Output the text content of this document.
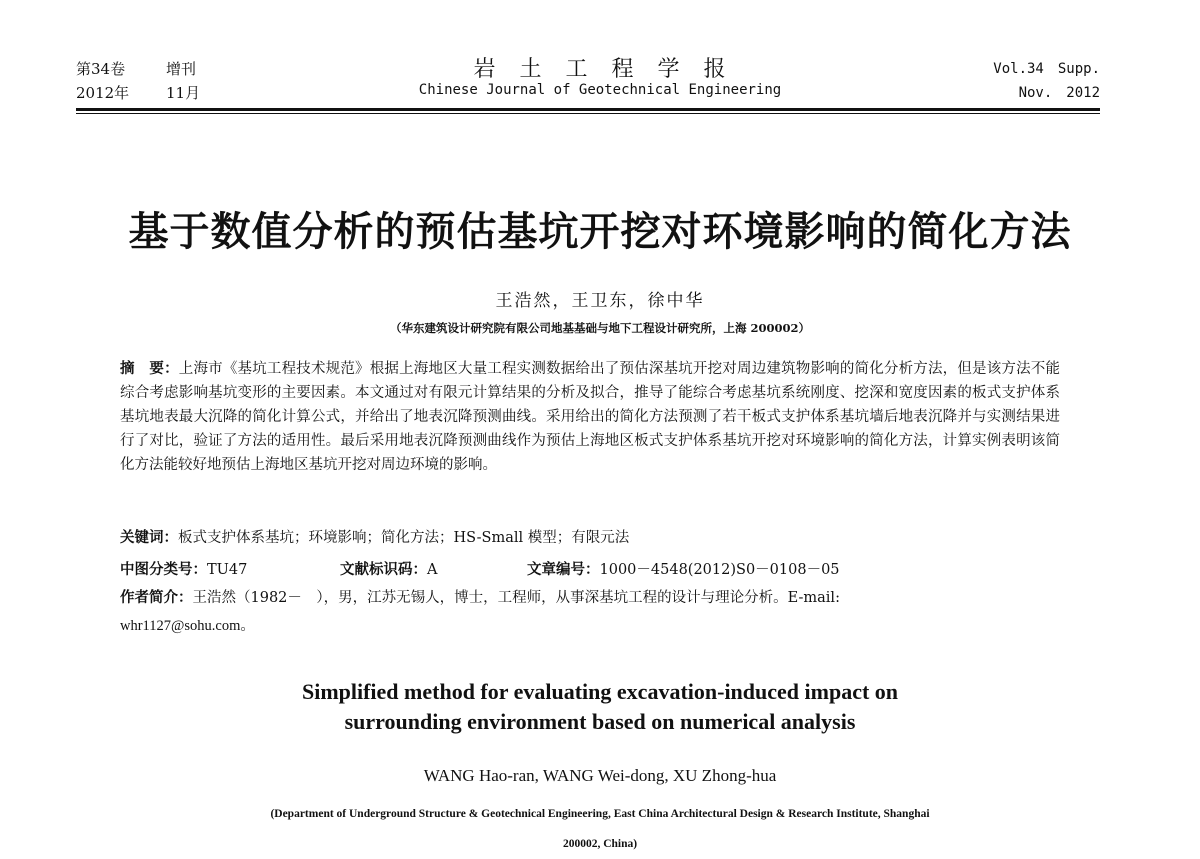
第34卷	增刊
2012年 11月
岩　土　工　程　学　报
Chinese Journal of Geotechnical Engineering
Vol.34　Supp.
Nov.　2012
基于数值分析的预估基坑开挖对环境影响的简化方法
王浩然，王卫东，徐中华
（华东建筑设计研究院有限公司地基基础与地下工程设计研究所，上海 200002）
摘　要：上海市《基坑工程技术规范》根据上海地区大量工程实测数据给出了预估深基坑开挖对周边建筑物影响的简化分析方法，但是该方法不能综合考虑影响基坑变形的主要因素。本文通过对有限元计算结果的分析及拟合，推导了能综合考虑基坑系统刚度、挖深和宽度因素的板式支护体系基坑地表最大沉降的简化计算公式，并给出了地表沉降预测曲线。采用给出的简化方法预测了若干板式支护体系基坑墙后地表沉降并与实测结果进行了对比，验证了方法的适用性。最后采用地表沉降预测曲线作为预估上海地区板式支护体系基坑开挖对环境影响的简化方法，计算实例表明该简化方法能较好地预估上海地区基坑开挖对周边环境的影响。
关键词：板式支护体系基坑；环境影响；简化方法；HS-Small 模型；有限元法
中图分类号：TU47	文献标识码：A	文章编号：1000－4548(2012)S0－0108－05
作者简介：王浩然（1982－　），男，江苏无锡人，博士，工程师，从事深基坑工程的设计与理论分析。E-mail:
whr1127@sohu.com。
Simplified method for evaluating excavation-induced impact on
surrounding environment based on numerical analysis
WANG Hao-ran, WANG Wei-dong, XU Zhong-hua
(Department of Underground Structure & Geotechnical Engineering, East China Architectural Design & Research Institute, Shanghai
200002, China)
